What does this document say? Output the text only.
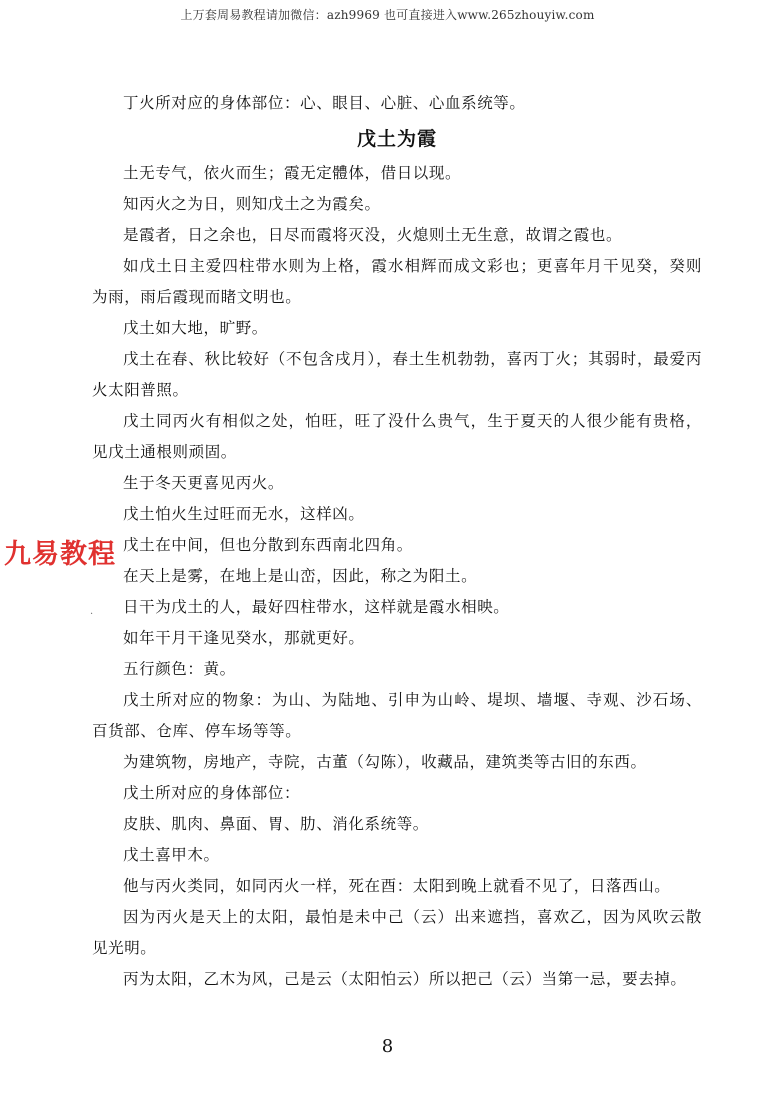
上万套周易教程请加微信：azh9969 也可直接进入www.265zhouyiw.com

丁火所对应的身体部位：心、眼目、心脏、心血系统等。

戊土为霞

土无专气，依火而生；霞无定體体，借日以现。

知丙火之为日，则知戊土之为霞矣。

是霞者，日之余也，日尽而霞将灭没，火熄则土无生意，故谓之霞也。

如戊土日主爱四柱带水则为上格，霞水相辉而成文彩也；更喜年月干见癸，癸则为雨，雨后霞现而睹文明也。

戊土如大地，旷野。

戊土在春、秋比较好（不包含戌月），春土生机勃勃，喜丙丁火；其弱时，最爱丙火太阳普照。

戊土同丙火有相似之处，怕旺，旺了没什么贵气，生于夏天的人很少能有贵格，见戊土通根则顽固。

生于冬天更喜见丙火。

戊土怕火生过旺而无水，这样凶。

戊土在中间，但也分散到东西南北四角。

在天上是雾，在地上是山峦，因此，称之为阳土。

日干为戊土的人，最好四柱带水，这样就是霞水相映。

如年干月干逢见癸水，那就更好。

五行颜色：黄。

戊土所对应的物象：为山、为陆地、引申为山岭、堤坝、墙堰、寺观、沙石场、百货部、仓库、停车场等等。

为建筑物，房地产，寺院，古董（勾陈），收藏品，建筑类等古旧的东西。

戊土所对应的身体部位：

皮肤、肌肉、鼻面、胃、肋、消化系统等。

戊土喜甲木。

他与丙火类同，如同丙火一样，死在酉：太阳到晚上就看不见了，日落西山。

因为丙火是天上的太阳，最怕是未中己（云）出来遮挡，喜欢乙，因为风吹云散见光明。

丙为太阳，乙木为风，己是云（太阳怕云）所以把己（云）当第一忌，要去掉。

九易教程
·
8
